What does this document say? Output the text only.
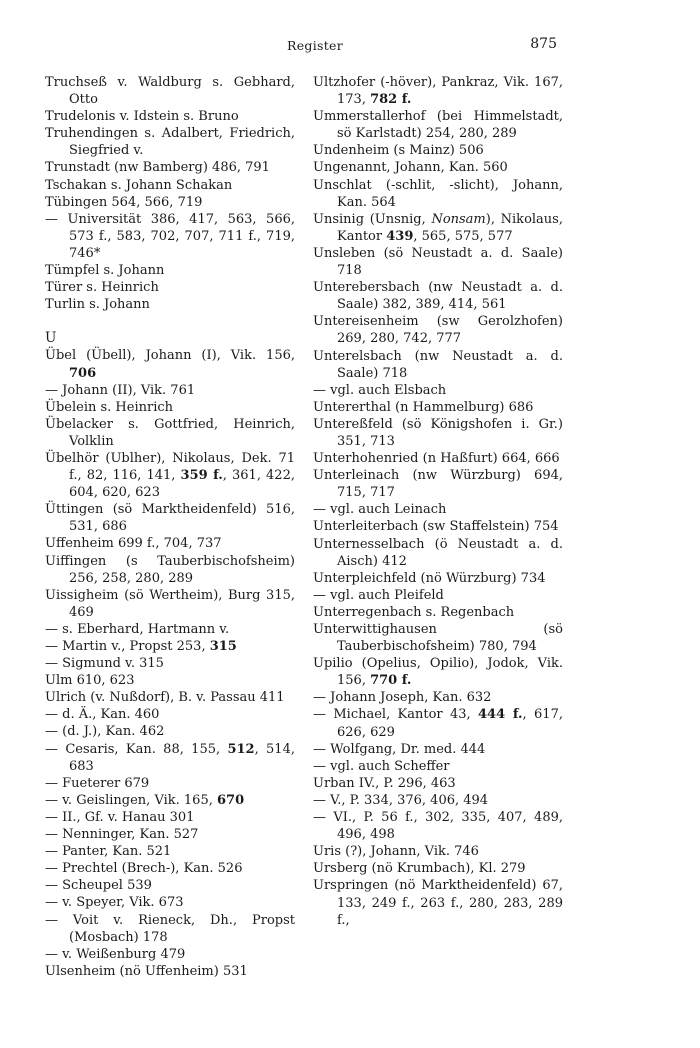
Register	875
Truchseß v. Waldburg s. Gebhard, Otto
Trudelonis v. Idstein s. Bruno
Truhendingen s. Adalbert, Friedrich, Siegfried v.
Trunstadt (nw Bamberg) 486, 791
Tschakan s. Johann Schakan
Tübingen 564, 566, 719
— Universität 386, 417, 563, 566, 573 f., 583, 702, 707, 711 f., 719, 746*
Tümpfel s. Johann
Türer s. Heinrich
Turlin s. Johann
U
Übel (Übell), Johann (I), Vik. 156, 706
— Johann (II), Vik. 761
Übelein s. Heinrich
Übelacker s. Gottfried, Heinrich, Volklin
Übelhör (Ublher), Nikolaus, Dek. 71 f., 82, 116, 141, 359 f., 361, 422, 604, 620, 623
Üttingen (sö Marktheidenfeld) 516, 531, 686
Uffenheim 699 f., 704, 737
Uiffingen (s Tauberbischofsheim) 256, 258, 280, 289
Uissigheim (sö Wertheim), Burg 315, 469
— s. Eberhard, Hartmann v.
— Martin v., Propst 253, 315
— Sigmund v. 315
Ulm 610, 623
Ulrich (v. Nußdorf), B. v. Passau 411
— d. Ä., Kan. 460
— (d. J.), Kan. 462
— Cesaris, Kan. 88, 155, 512, 514, 683
— Fueterer 679
— v. Geislingen, Vik. 165, 670
— II., Gf. v. Hanau 301
— Nenninger, Kan. 527
— Panter, Kan. 521
— Prechtel (Brech-), Kan. 526
— Scheupel 539
— v. Speyer, Vik. 673
— Voit v. Rieneck, Dh., Propst (Mosbach) 178
— v. Weißenburg 479
Ulsenheim (nö Uffenheim) 531
Ultzhofer (-höver), Pankraz, Vik. 167, 173, 782 f.
Ummerstallerhof (bei Himmelstadt, sö Karlstadt) 254, 280, 289
Undenheim (s Mainz) 506
Ungenannt, Johann, Kan. 560
Unschlat (-schlit, -slicht), Johann, Kan. 564
Unsinig (Unsnig, Nonsam), Nikolaus, Kantor 439, 565, 575, 577
Unsleben (sö Neustadt a. d. Saale) 718
Unterebersbach (nw Neustadt a. d. Saale) 382, 389, 414, 561
Untereisenheim (sw Gerolzhofen) 269, 280, 742, 777
Unterelsbach (nw Neustadt a. d. Saale) 718
— vgl. auch Elsbach
Untererthal (n Hammelburg) 686
Untereßfeld (sö Königshofen i. Gr.) 351, 713
Unterhohenried (n Haßfurt) 664, 666
Unterleinach (nw Würzburg) 694, 715, 717
— vgl. auch Leinach
Unterleiterbach (sw Staffelstein) 754
Unternesselbach (ö Neustadt a. d. Aisch) 412
Unterpleichfeld (nö Würzburg) 734
— vgl. auch Pleifeld
Unterregenbach s. Regenbach
Unterwittighausen (sö Tauberbischofsheim) 780, 794
Upilio (Opelius, Opilio), Jodok, Vik. 156, 770 f.
— Johann Joseph, Kan. 632
— Michael, Kantor 43, 444 f., 617, 626, 629
— Wolfgang, Dr. med. 444
— vgl. auch Scheffer
Urban IV., P. 296, 463
— V., P. 334, 376, 406, 494
— VI., P. 56 f., 302, 335, 407, 489, 496, 498
Uris (?), Johann, Vik. 746
Ursberg (nö Krumbach), Kl. 279
Urspringen (nö Marktheidenfeld) 67, 133, 249 f., 263 f., 280, 283, 289 f.,
